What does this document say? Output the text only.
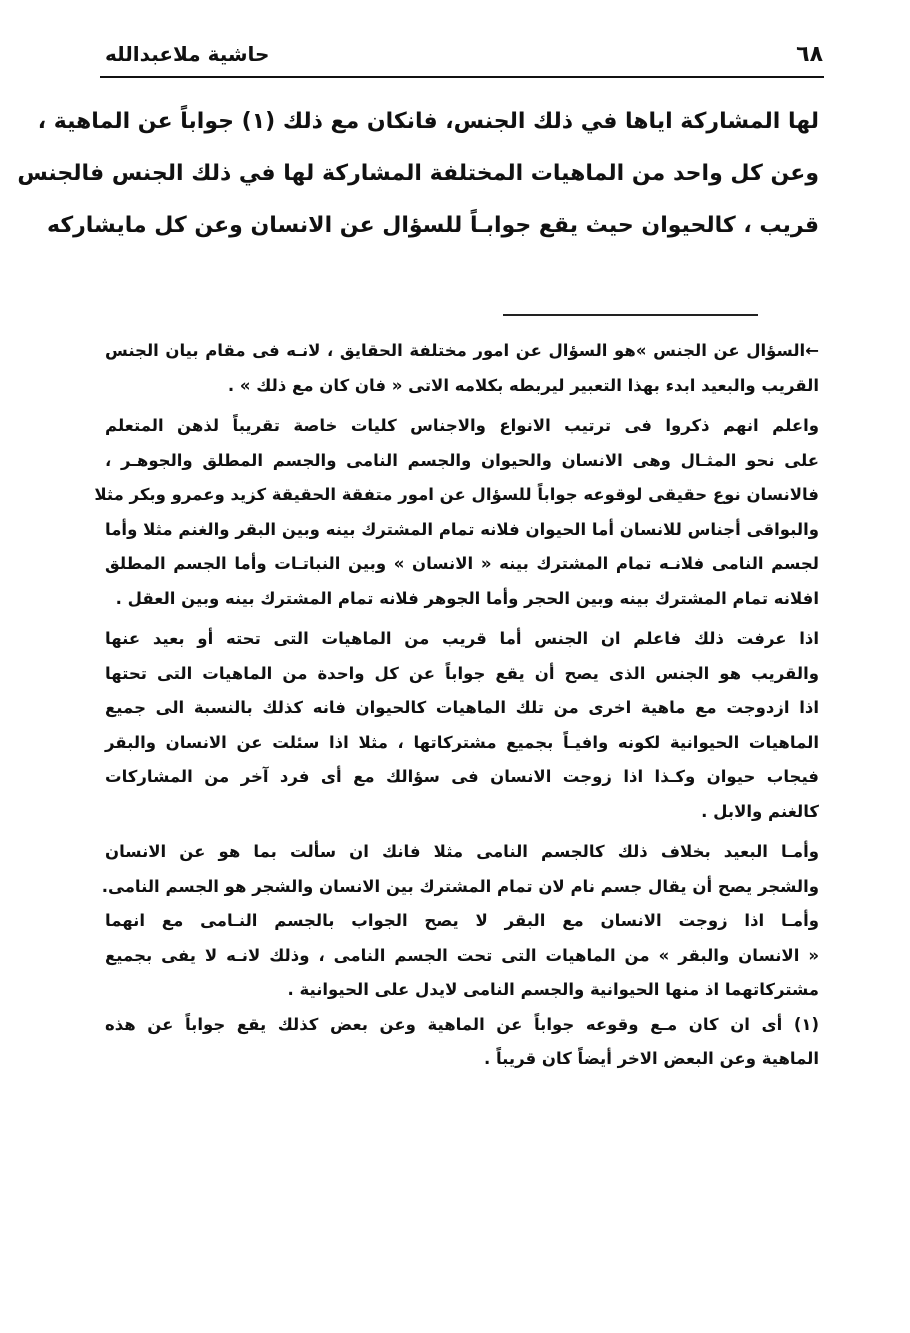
حاشية ملاعبدالله	٦٨
لها المشاركة اياها في ذلك الجنس، فانكان مع ذلك (١) جواباً عن الماهية ،
وعن كل واحد من الماهيات المختلفة المشاركة لها في ذلك الجنس فالجنس
قريب ، كالحيوان حيث يقع جوابـاً للسؤال عن الانسان وعن كل مايشاركه
←السؤال عن الجنس »هو السؤال عن امور مختلفة الحقايق ، لانـه فى مقام بيان الجنس
القريب والبعيد ابدء بهذا التعبير ليربطه بكلامه الاتى « فان كان مع ذلك » .
واعلم انهم ذكروا فى ترتيب الانواع والاجناس كليات خاصة تقريباً لذهن المتعلم
على نحو المثـال وهى الانسان والحيوان والجسم النامى والجسم المطلق والجوهـر ،
فالانسان نوع حقيقى لوقوعه جواباً للسؤال عن امور متفقة الحقيقة كزيد وعمرو وبكر مثلا
والبواقى أجناس للانسان أما الحيوان فلانه تمام المشترك بينه وبين البقر والغنم مثلا وأما
لجسم النامى فلانـه تمام المشترك بينه « الانسان » وبين النباتـات وأما الجسم المطلق
افلانه تمام المشترك بينه وبين الحجر وأما الجوهر فلانه تمام المشترك بينه وبين العقل .
اذا عرفت ذلك فاعلم ان الجنس أما قريب من الماهيات التى تحته أو بعيد عنها
والقريب هو الجنس الذى يصح أن يقع جواباً عن كل واحدة من الماهيات التى تحتها
اذا ازدوجت مع ماهية اخرى من تلك الماهيات كالحيوان فانه كذلك بالنسبة الى جميع
الماهيات الحيوانية لكونه وافيـاً بجميع مشتركاتها ، مثلا اذا سئلت عن الانسان والبقر
فيجاب حيوان وكـذا اذا زوجت الانسان فى سؤالك مع أى فرد آخر من المشاركات
كالغنم والابل .
وأمـا البعيد بخلاف ذلك كالجسم النامى مثلا فانك ان سألت بما هو عن الانسان
والشجر يصح أن يقال جسم نام لان تمام المشترك بين الانسان والشجر هو الجسم النامى.
وأمـا اذا زوجت الانسان مع البقر لا يصح الجواب بالجسم النـامى مع انهما
« الانسان والبقر » من الماهيات التى تحت الجسم النامى ، وذلك لانـه لا يفى بجميع
مشتركاتهما اذ منها الحيوانية والجسم النامى لايدل على الحيوانية .
(١) أى ان كان مـع وقوعه جواباً عن الماهية وعن بعض كذلك يقع جواباً عن هذه
الماهية وعن البعض الاخر أيضاً كان قريباً .
